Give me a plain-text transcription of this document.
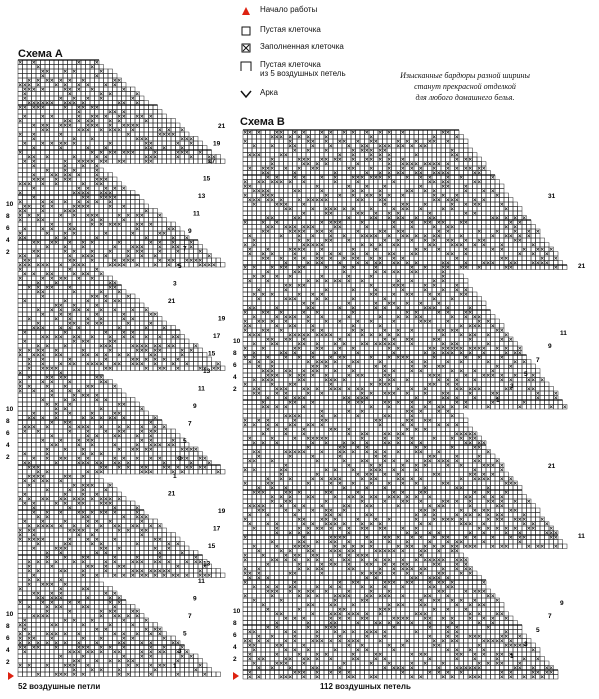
Начало работы
Пустая клеточка
Заполненная клеточка
Пустая клеточка
из 5 воздушных петель
Арка
Изысканные бардюры разной ширины
станут прекрасной отделкой
для любого домашнего белья.
Схема А
21
19
17
15
13
11
9
7
5
3
21
19
17
15
13
11
9
7
5
3
1
21
19
17
15
13
11
9
7
5
3
1
10
8
6
4
2
10
8
6
4
2
10
8
6
4
2
31
21
11
9
7
5
3
1
21
11
9
7
5
3
1
10
8
6
4
2
10
8
6
4
2
52 воздушные петли
Схема В
112 воздушных петель
